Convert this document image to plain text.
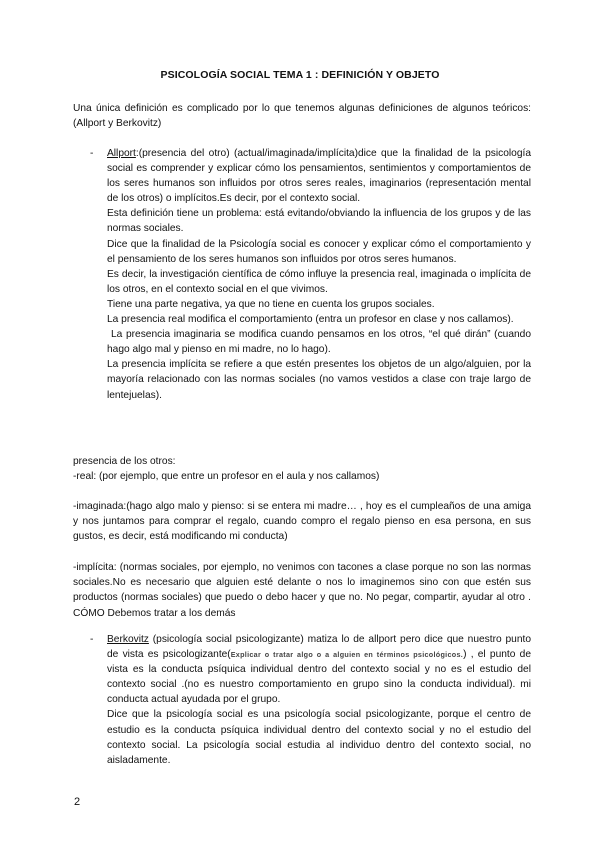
PSICOLOGÍA SOCIAL TEMA 1 : DEFINICIÓN Y OBJETO

Una única definición es complicado por lo que tenemos algunas definiciones de algunos teóricos: (Allport y Berkovitz)

- Allport:(presencia del otro) (actual/imaginada/implícita)dice que la finalidad de la psicología social es comprender y explicar cómo los pensamientos, sentimientos y comportamientos de los seres humanos son influidos por otros seres reales, imaginarios (representación mental de los otros) o implícitos.Es decir, por el contexto social.

Esta definición tiene un problema: está evitando/obviando la influencia de los grupos y de las normas sociales.

Dice que la finalidad de la Psicología social es conocer y explicar cómo el comportamiento y el pensamiento de los seres humanos son influidos por otros seres humanos.

Es decir, la investigación científica de cómo influye la presencia real, imaginada o implícita de los otros, en el contexto social en el que vivimos.

Tiene una parte negativa, ya que no tiene en cuenta los grupos sociales.

La presencia real modifica el comportamiento (entra un profesor en clase y nos callamos).

La presencia imaginaria se modifica cuando pensamos en los otros, “el qué dirán” (cuando hago algo mal y pienso en mi madre, no lo hago).

La presencia implícita se refiere a que estén presentes los objetos de un algo/alguien, por la mayoría relacionado con las normas sociales (no vamos vestidos a clase con traje largo de lentejuelas).

presencia de los otros:

-real: (por ejemplo, que entre un profesor en el aula y nos callamos)

-imaginada:(hago algo malo y pienso: si se entera mi madre… , hoy es el cumpleaños de una amiga y nos juntamos para comprar el regalo, cuando compro el regalo pienso en esa persona, en sus gustos, es decir, está modificando mi conducta)

-implícita: (normas sociales, por ejemplo, no venimos con tacones a clase porque no son las normas sociales.No es necesario que alguien esté delante o nos lo imaginemos sino con que estén sus productos (normas sociales) que puedo o debo hacer y que no. No pegar, compartir, ayudar al otro . CÓMO Debemos tratar a los demás

- Berkovitz (psicología social psicologizante) matiza lo de allport pero dice que nuestro punto de vista es psicologizante(Explicar o tratar algo o a alguien en términos psicológicos.) , el punto de vista es la conducta psíquica individual dentro del contexto social y no es el estudio del contexto social .(no es nuestro comportamiento en grupo sino la conducta individual). mi conducta actual ayudada por el grupo.

Dice que la psicología social es una psicología social psicologizante, porque el centro de estudio es la conducta psíquica individual dentro del contexto social y no el estudio del contexto social. La psicología social estudia al individuo dentro del contexto social, no aisladamente.

2
